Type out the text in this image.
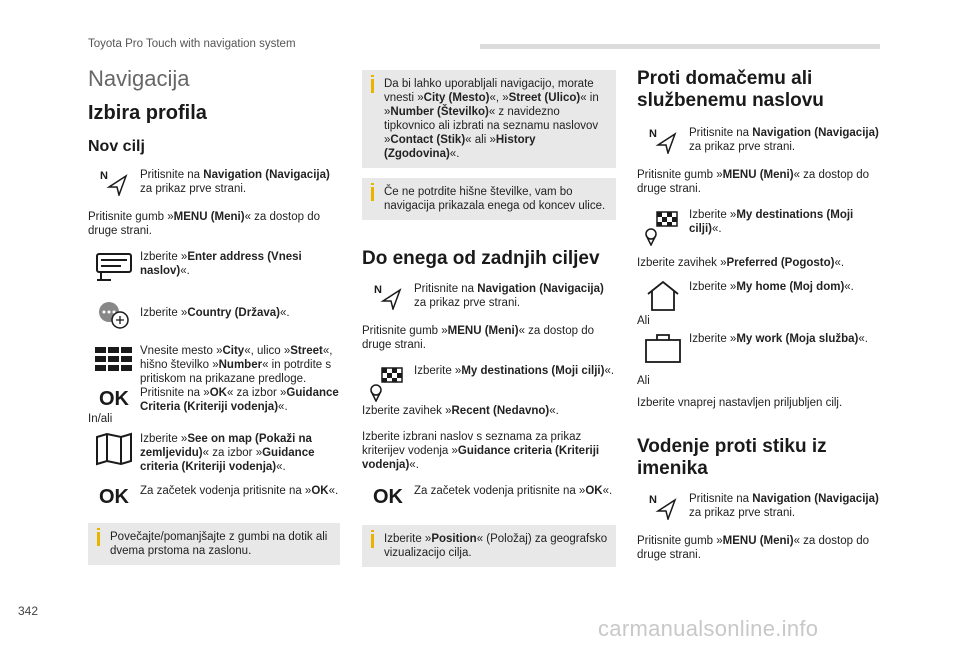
Toyota Pro Touch with navigation system
Navigacija
Izbira profila
Nov cilj
N	Pritisnite na Navigation (Navigacija) za prikaz prve strani.

Pritisnite gumb »MENU (Meni)« za dostop do druge strani.

Izberite »Enter address (Vnesi naslov)«.

Izberite »Country (Država)«.

Vnesite mesto »City«, ulico »Street«, hišno številko »Number« in potrdite s pritiskom na prikazane predloge.

OK Pritisnite na »OK« za izbor »Guidance Criteria (Kriteriji vodenja)«.

In/ali

Izberite »See on map (Pokaži na zemljevidu)« za izbor »Guidance criteria (Kriteriji vodenja)«.

OK Za začetek vodenja pritisnite na »OK«.

Povečajte/pomanjšajte z gumbi na dotik ali dvema prstoma na zaslonu.
Da bi lahko uporabljali navigacijo, morate vnesti »City (Mesto)«, »Street (Ulico)« in »Number (Številko)« z navidezno tipkovnico ali izbrati na seznamu naslovov »Contact (Stik)« ali »History (Zgodovina)«.
Če ne potrdite hišne številke, vam bo navigacija prikazala enega od koncev ulice.
Do enega od zadnjih ciljev
N	Pritisnite na Navigation (Navigacija) za prikaz prve strani.

Pritisnite gumb »MENU (Meni)« za dostop do druge strani.

Izberite »My destinations (Moji cilji)«.

Izberite zavihek »Recent (Nedavno)«.

Izberite izbrani naslov s seznama za prikaz kriterijev vodenja »Guidance criteria (Kriteriji vodenja)«.

OK Za začetek vodenja pritisnite na »OK«.

Izberite »Position« (Položaj) za geografsko vizualizacijo cilja.
Proti domačemu ali službenemu naslovu
N	Pritisnite na Navigation (Navigacija) za prikaz prve strani.

Pritisnite gumb »MENU (Meni)« za dostop do druge strani.

Izberite »My destinations (Moji cilji)«.

Izberite zavihek »Preferred (Pogosto)«.

Izberite »My home (Moj dom)«.

Ali

Izberite »My work (Moja služba)«.

Ali

Izberite vnaprej nastavljen priljubljen cilj.

Vodenje proti stiku iz imenika
N	Pritisnite na Navigation (Navigacija) za prikaz prve strani.

Pritisnite gumb »MENU (Meni)« za dostop do druge strani.

342
carmanualsonline.info
